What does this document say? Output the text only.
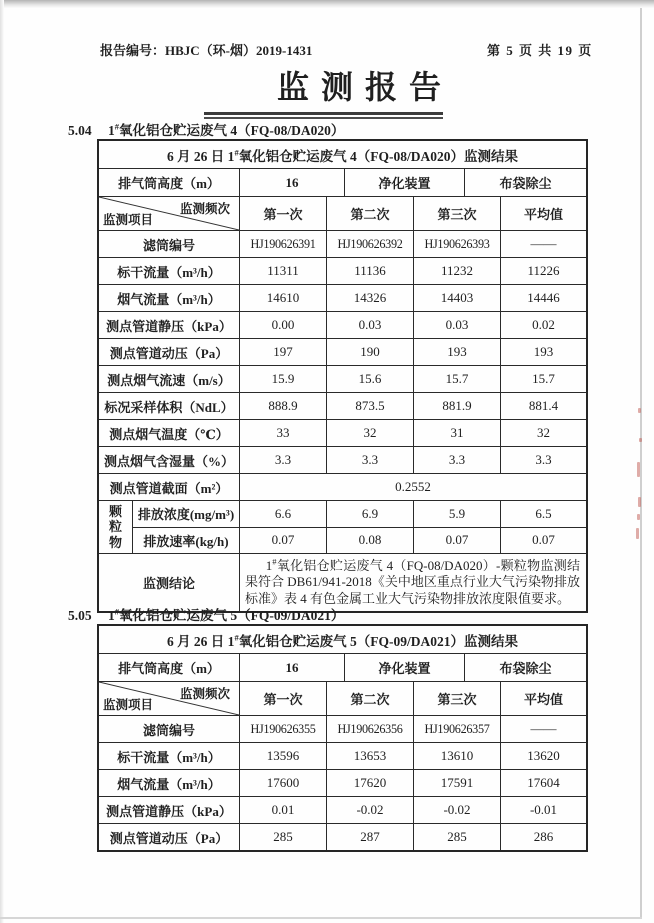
报告编号：HBJC（环-烟）2019-1431	第 5 页 共 19 页
监 测 报 告
5.04 1#氧化铝仓贮运废气 4（FQ-08/DA020）
6 月 26 日 1#氧化铝仓贮运废气 4（FQ-08/DA020）监测结果
排气筒高度（m）	16	净化装置	布袋除尘
监测频次
监测项目	第一次	第二次	第三次	平均值
滤筒编号	HJ190626391	HJ190626392	HJ190626393	——
标干流量（m³/h）	11311	11136	11232	11226
烟气流量（m³/h）	14610	14326	14403	14446
测点管道静压（kPa）	0.00	0.03	0.03	0.02
测点管道动压（Pa）	197	190	193	193
测点烟气流速（m/s）	15.9	15.6	15.7	15.7
标况采样体积（NdL）	888.9	873.5	881.9	881.4
测点烟气温度（℃）	33	32	31	32
测点烟气含湿量（%）	3.3	3.3	3.3	3.3
测点管道截面（m²）	0.2552
颗粒物
排放浓度(mg/m³)	6.6	6.9	5.9	6.5
排放速率(kg/h)	0.07	0.08	0.07	0.07
监测结论

1#氧化铝仓贮运废气 4（FQ-08/DA020）-颗粒物监测结果符合 DB61/941-2018《关中地区重点行业大气污染物排放标准》表 4 有色金属工业大气污染物排放浓度限值要求。

5.05 1#氧化铝仓贮运废气 5（FQ-09/DA021）
6 月 26 日 1#氧化铝仓贮运废气 5（FQ-09/DA021）监测结果
排气筒高度（m）	16	净化装置	布袋除尘
监测频次
监测项目	第一次	第二次	第三次	平均值
滤筒编号	HJ190626355	HJ190626356	HJ190626357	——
标干流量（m³/h）	13596	13653	13610	13620
烟气流量（m³/h）	17600	17620	17591	17604
测点管道静压（kPa）	0.01	-0.02	-0.02	-0.01
测点管道动压（Pa）	285	287	285	286
